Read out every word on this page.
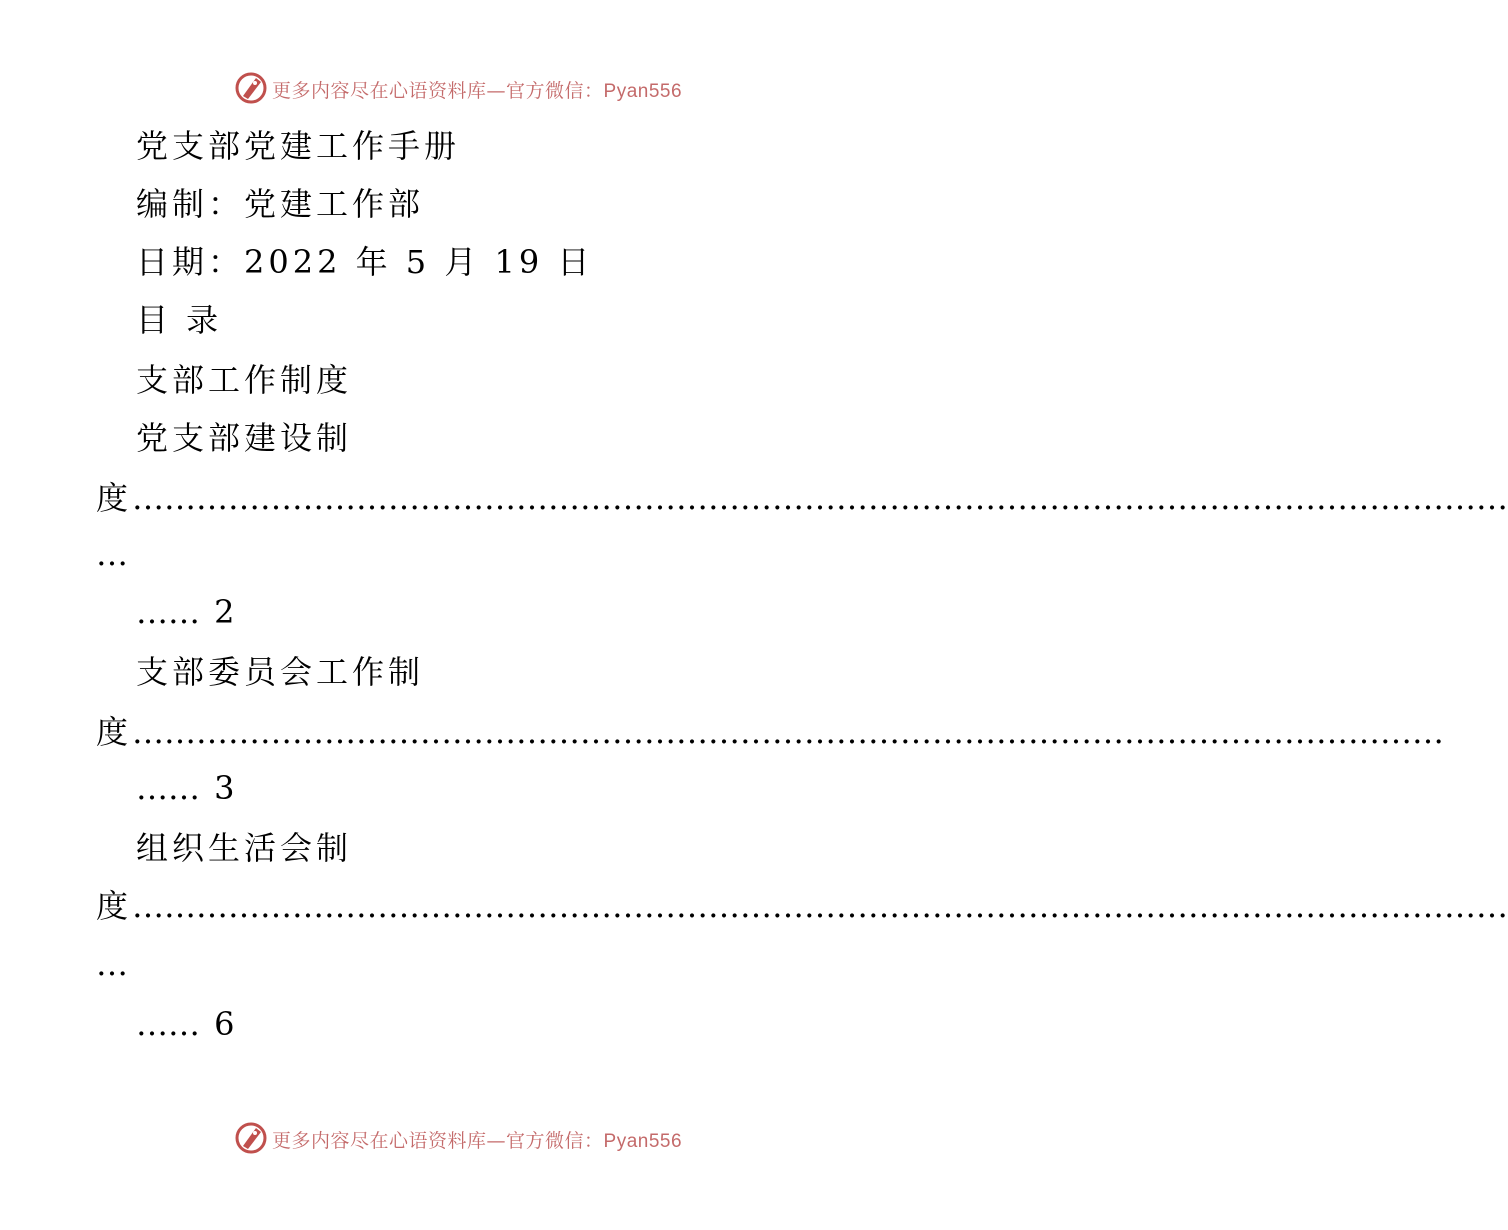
更多内容尽在心语资料库—官方微信：Pyan556
党支部党建工作手册
编制：党建工作部
日期：2022 年 5 月 19 日
目 录
支部工作制度
党支部建设制
度…………………………………………………………………………………………………………………
…
…… 2
支部委员会工作制
度……………………………………………………………………………………………………………
…… 3
组织生活会制
度…………………………………………………………………………………………………………………
…
…… 6
更多内容尽在心语资料库—官方微信：Pyan556
